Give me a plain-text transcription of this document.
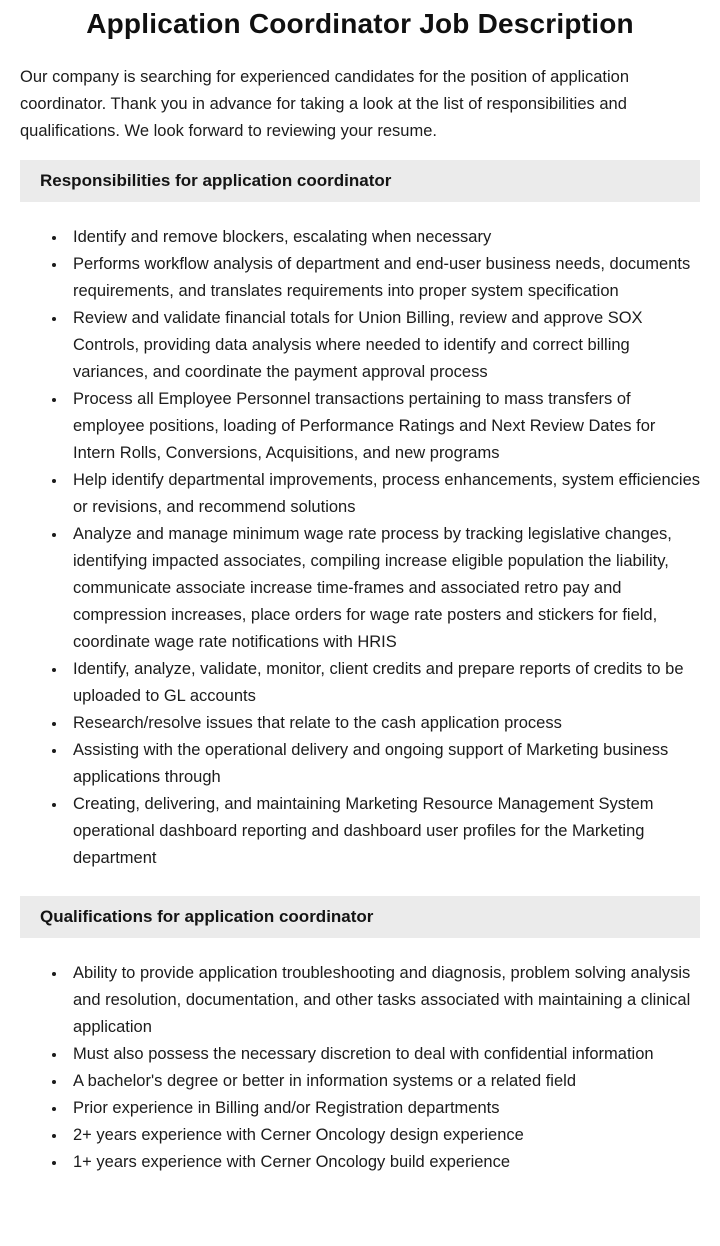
Application Coordinator Job Description

Our company is searching for experienced candidates for the position of application coordinator. Thank you in advance for taking a look at the list of responsibilities and qualifications. We look forward to reviewing your resume.

Responsibilities for application coordinator
• Identify and remove blockers, escalating when necessary
• Performs workflow analysis of department and end-user business needs, documents requirements, and translates requirements into proper system specification
• Review and validate financial totals for Union Billing, review and approve SOX Controls, providing data analysis where needed to identify and correct billing variances, and coordinate the payment approval process
• Process all Employee Personnel transactions pertaining to mass transfers of employee positions, loading of Performance Ratings and Next Review Dates for Intern Rolls, Conversions, Acquisitions, and new programs
• Help identify departmental improvements, process enhancements, system efficiencies or revisions, and recommend solutions
• Analyze and manage minimum wage rate process by tracking legislative changes, identifying impacted associates, compiling increase eligible population the liability, communicate associate increase time-frames and associated retro pay and compression increases, place orders for wage rate posters and stickers for field, coordinate wage rate notifications with HRIS
• Identify, analyze, validate, monitor, client credits and prepare reports of credits to be uploaded to GL accounts
• Research/resolve issues that relate to the cash application process
• Assisting with the operational delivery and ongoing support of Marketing business applications through
• Creating, delivering, and maintaining Marketing Resource Management System operational dashboard reporting and dashboard user profiles for the Marketing department
Qualifications for application coordinator
• Ability to provide application troubleshooting and diagnosis, problem solving analysis and resolution, documentation, and other tasks associated with maintaining a clinical application
• Must also possess the necessary discretion to deal with confidential information
• A bachelor's degree or better in information systems or a related field
• Prior experience in Billing and/or Registration departments
• 2+ years experience with Cerner Oncology design experience
• 1+ years experience with Cerner Oncology build experience
